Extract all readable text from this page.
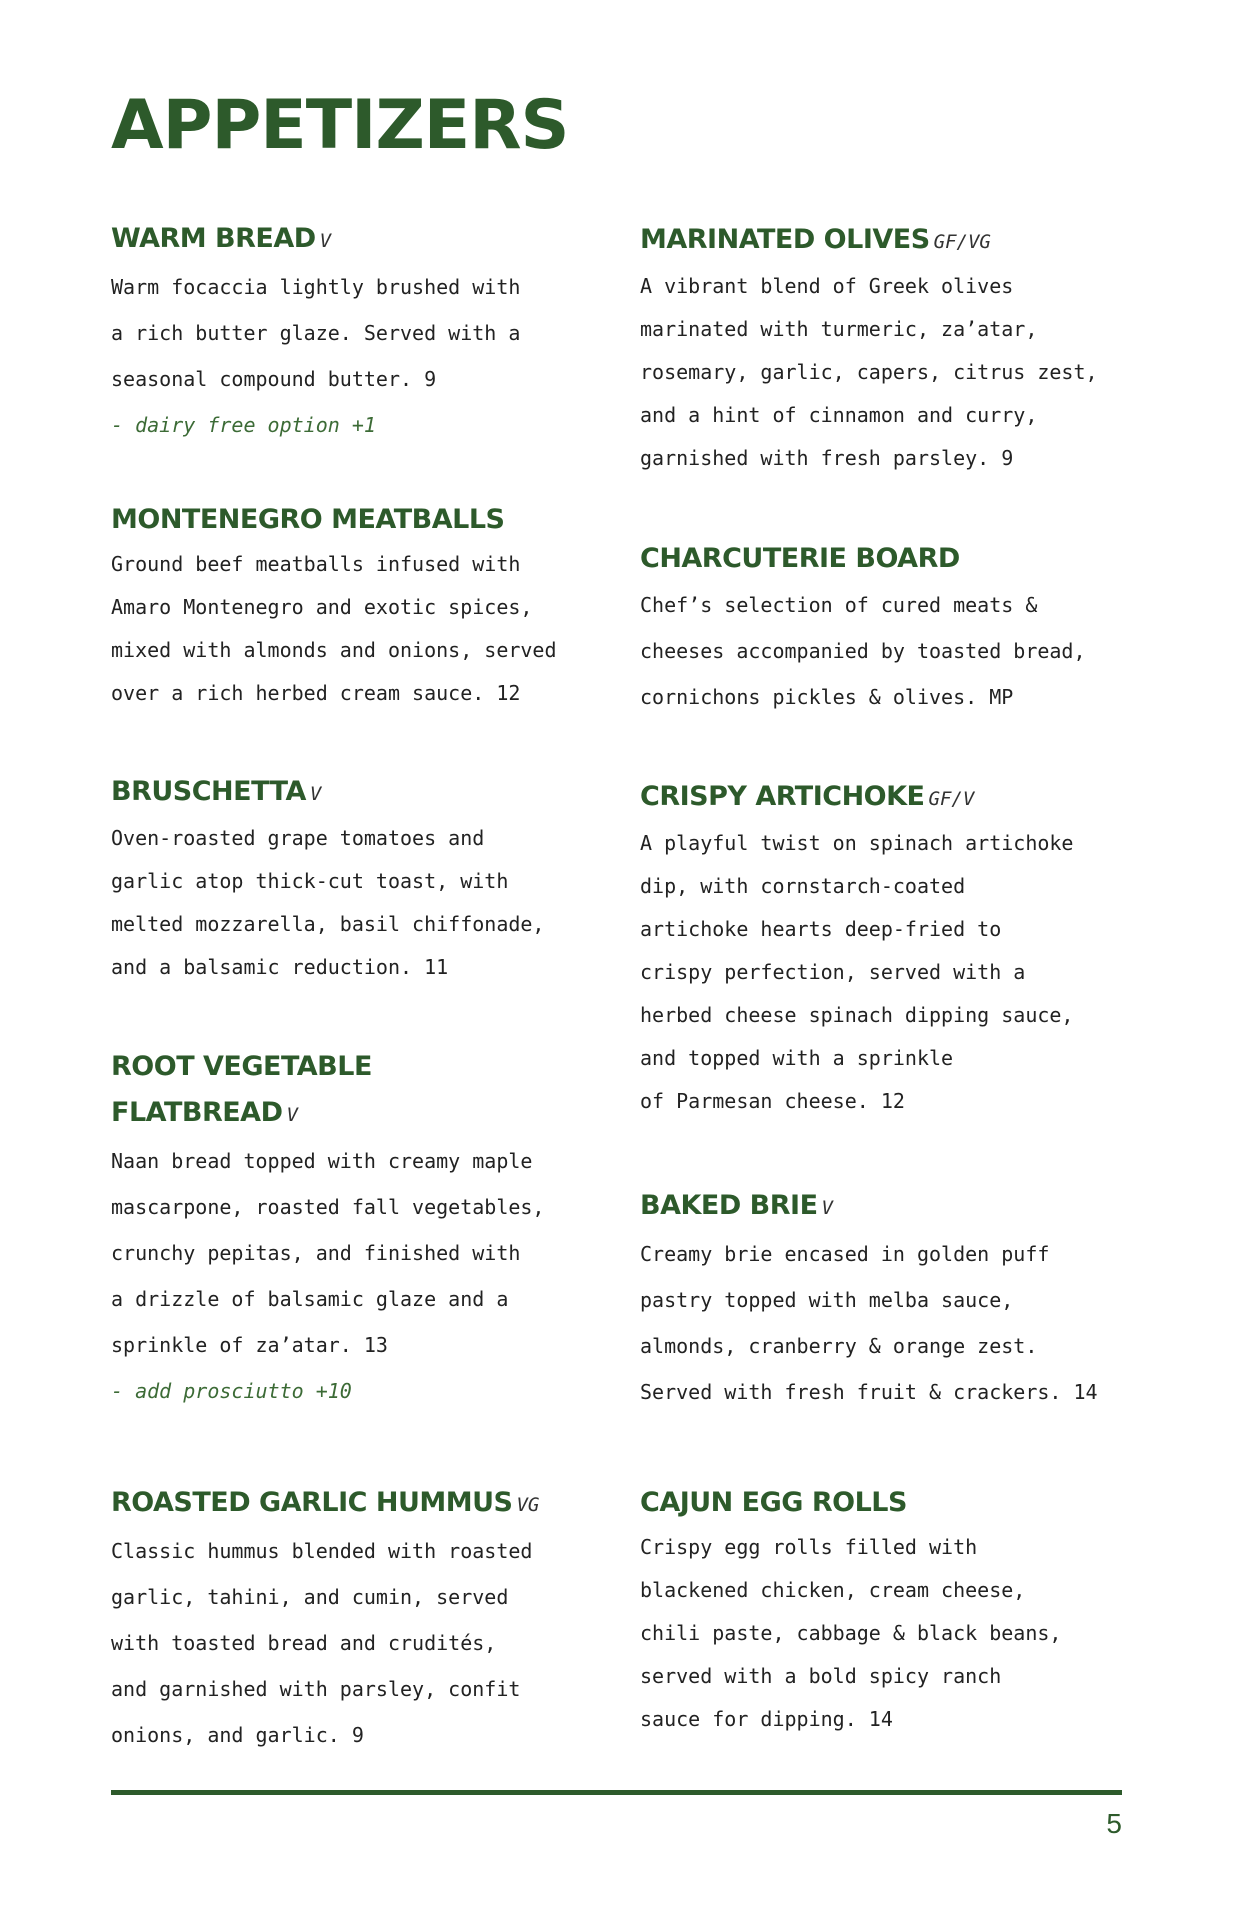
APPETIZERS
WARM BREAD V

Warm focaccia lightly brushed with
a rich butter glaze. Served with a
seasonal compound butter. 9

- dairy free option +1

MONTENEGRO MEATBALLS

Ground beef meatballs infused with
Amaro Montenegro and exotic spices,
mixed with almonds and onions, served
over a rich herbed cream sauce. 12

BRUSCHETTA V

Oven-roasted grape tomatoes and
garlic atop thick-cut toast, with
melted mozzarella, basil chiffonade,
and a balsamic reduction. 11

ROOT VEGETABLE
FLATBREAD V

Naan bread topped with creamy maple
mascarpone, roasted fall vegetables,
crunchy pepitas, and finished with
a drizzle of balsamic glaze and a
sprinkle of za’atar. 13

- add prosciutto +10

ROASTED GARLIC HUMMUS VG

Classic hummus blended with roasted
garlic, tahini, and cumin, served
with toasted bread and crudités,
and garnished with parsley, confit
onions, and garlic. 9

MARINATED OLIVES GF/VG

A vibrant blend of Greek olives
marinated with turmeric, za’atar,
rosemary, garlic, capers, citrus zest,
and a hint of cinnamon and curry,
garnished with fresh parsley. 9

CHARCUTERIE BOARD

Chef’s selection of cured meats &
cheeses accompanied by toasted bread,
cornichons pickles & olives. MP

CRISPY ARTICHOKE GF/V

A playful twist on spinach artichoke
dip, with cornstarch-coated
artichoke hearts deep-fried to
crispy perfection, served with a
herbed cheese spinach dipping sauce,
and topped with a sprinkle
of Parmesan cheese. 12

BAKED BRIE V

Creamy brie encased in golden puff
pastry topped with melba sauce,
almonds, cranberry & orange zest.
Served with fresh fruit & crackers. 14

CAJUN EGG ROLLS

Crispy egg rolls filled with
blackened chicken, cream cheese,
chili paste, cabbage & black beans,
served with a bold spicy ranch
sauce for dipping. 14

5
